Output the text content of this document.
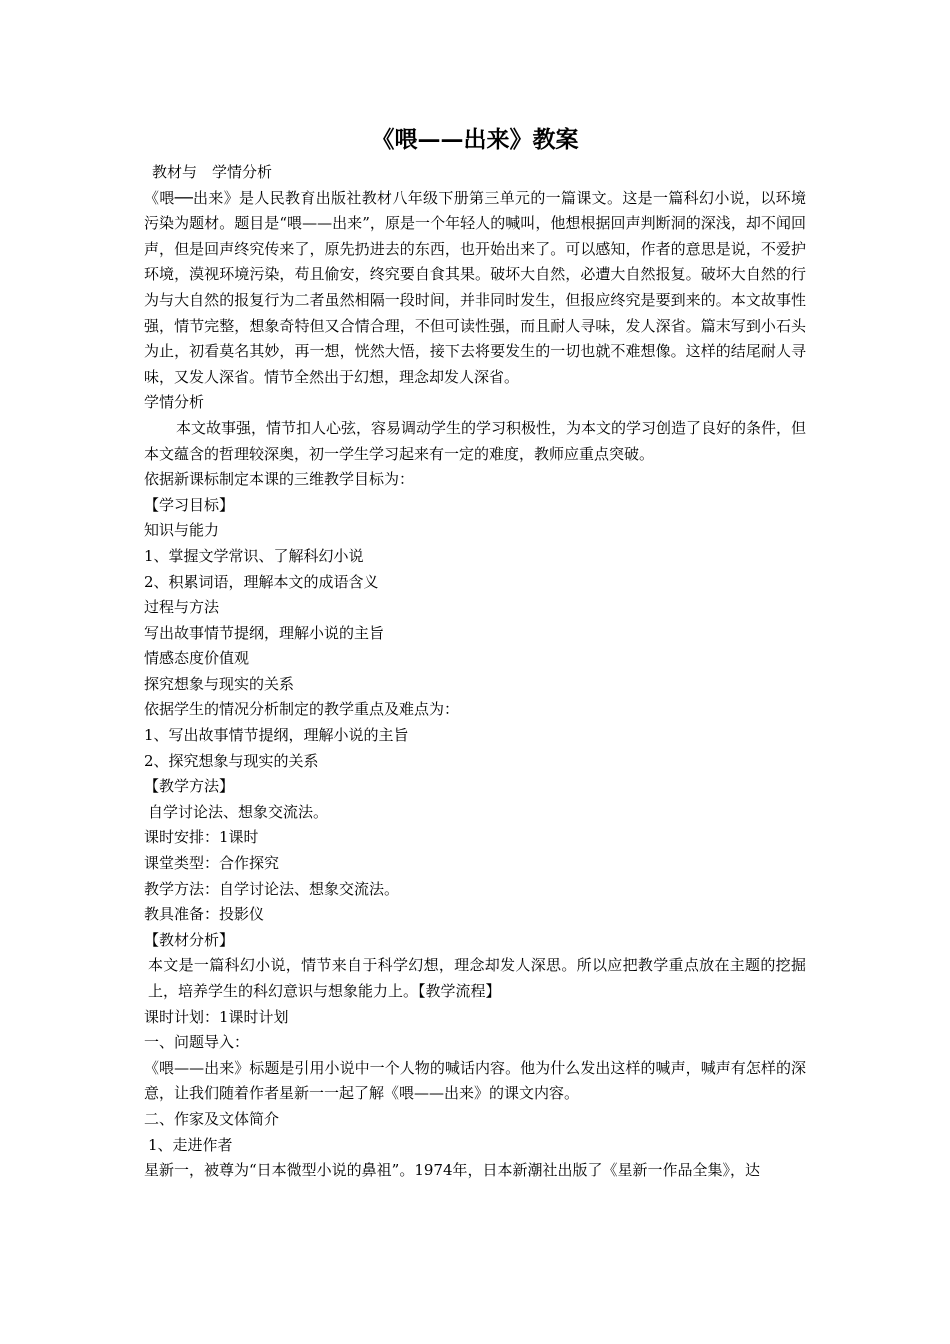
《喂——出来》教案

教材与　学情分析

《喂──出来》是人民教育出版社教材八年级下册第三单元的一篇课文。这是一篇科幻小说，以环境污染为题材。题目是“喂——出来”，原是一个年轻人的喊叫，他想根据回声判断洞的深浅，却不闻回声，但是回声终究传来了，原先扔进去的东西，也开始出来了。可以感知，作者的意思是说，不爱护环境，漠视环境污染，苟且偷安，终究要自食其果。破坏大自然，必遭大自然报复。破坏大自然的行为与大自然的报复行为二者虽然相隔一段时间，并非同时发生，但报应终究是要到来的。本文故事性强，情节完整，想象奇特但又合情合理，不但可读性强，而且耐人寻味，发人深省。篇末写到小石头为止，初看莫名其妙，再一想，恍然大悟，接下去将要发生的一切也就不难想像。这样的结尾耐人寻味，又发人深省。情节全然出于幻想，理念却发人深省。

学情分析

本文故事强，情节扣人心弦，容易调动学生的学习积极性，为本文的学习创造了良好的条件，但本文蕴含的哲理较深奥，初一学生学习起来有一定的难度，教师应重点突破。

依据新课标制定本课的三维教学目标为：

【学习目标】

知识与能力

1、掌握文学常识、了解科幻小说

2、积累词语，理解本文的成语含义

过程与方法

写出故事情节提纲，理解小说的主旨

情感态度价值观

探究想象与现实的关系

依据学生的情况分析制定的教学重点及难点为：

1、写出故事情节提纲，理解小说的主旨

2、探究想象与现实的关系

【教学方法】

自学讨论法、想象交流法。

课时安排：1课时

课堂类型：合作探究

教学方法：自学讨论法、想象交流法。

教具准备：投影仪

【教材分析】

本文是一篇科幻小说，情节来自于科学幻想，理念却发人深思。所以应把教学重点放在主题的挖掘上，培养学生的科幻意识与想象能力上。【教学流程】

课时计划：1课时计划

一、问题导入：

《喂——出来》标题是引用小说中一个人物的喊话内容。他为什么发出这样的喊声，喊声有怎样的深意，让我们随着作者星新一一起了解《喂——出来》的课文内容。

二、作家及文体简介

1、走进作者

星新一，被尊为“日本微型小说的鼻祖”。1974年，日本新潮社出版了《星新一作品全集》，达
